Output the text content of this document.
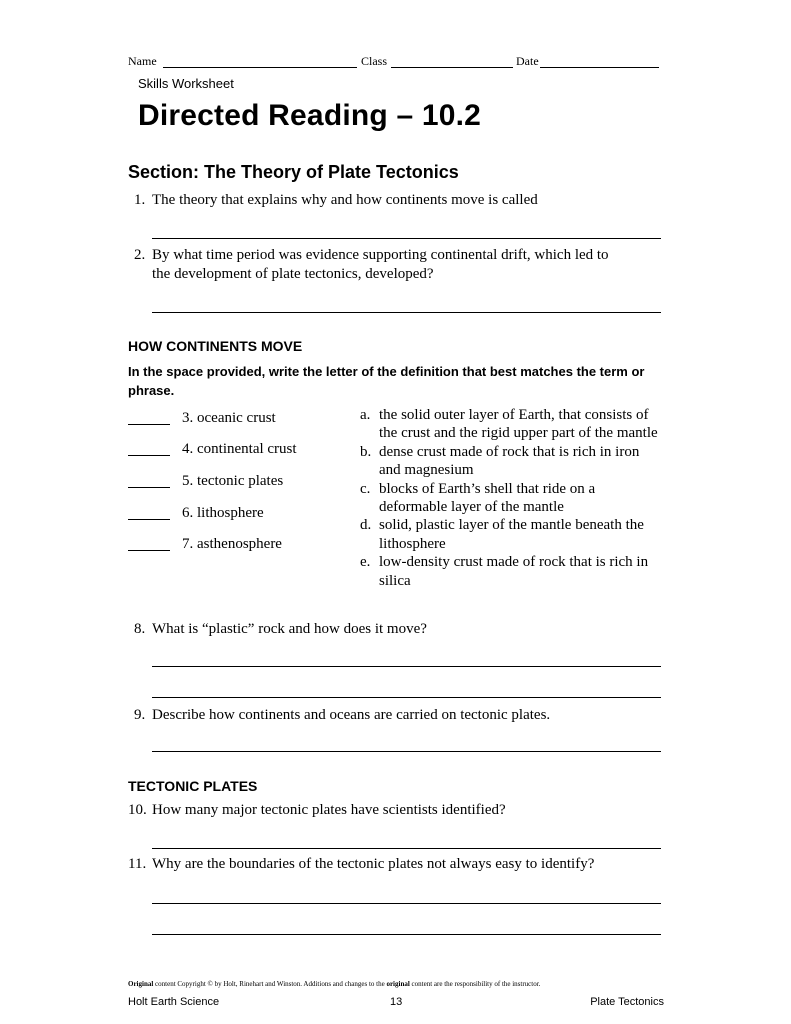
Name	Class	Date
Skills Worksheet
Directed Reading – 10.2
Section: The Theory of Plate Tectonics
1. The theory that explains why and how continents move is called
2. By what time period was evidence supporting continental drift, which led to
the development of plate tectonics, developed?
HOW CONTINENTS MOVE
In the space provided, write the letter of the definition that best matches the term or phrase.
3. oceanic crust
4. continental crust
5. tectonic plates
6. lithosphere
7. asthenosphere
a. the solid outer layer of Earth, that consists of the crust and the rigid upper part of the mantle
b. dense crust made of rock that is rich in iron and magnesium
c. blocks of Earth’s shell that ride on a deformable layer of the mantle
d. solid, plastic layer of the mantle beneath the lithosphere
e. low-density crust made of rock that is rich in silica
8. What is “plastic” rock and how does it move?
9. Describe how continents and oceans are carried on tectonic plates.
TECTONIC PLATES
10. How many major tectonic plates have scientists identified?
11. Why are the boundaries of the tectonic plates not always easy to identify?
Original content Copyright © by Holt, Rinehart and Winston. Additions and changes to the original content are the responsibility of the instructor.
Holt Earth Science	13	Plate Tectonics
